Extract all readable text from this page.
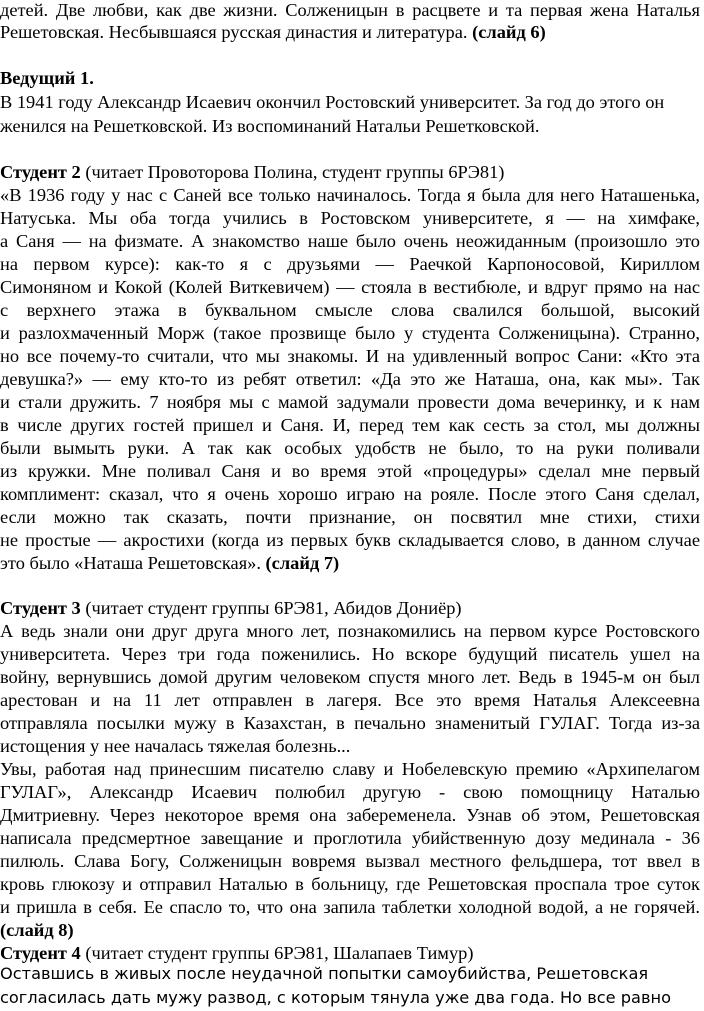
детей. Две любви, как две жизни. Солженицын в расцвете и та первая жена Наталья
Решетовская. Несбывшаяся русская династия и литература. (слайд 6)
Ведущий 1.
В 1941 году Александр Исаевич окончил Ростовский университет. За год до этого он
женился на Решетковской. Из воспоминаний Натальи Решетковской.
Студент 2 (читает Провоторова Полина, студент группы 6РЭ81)
«В 1936 году у нас с Саней все только начиналось. Тогда я была для него Наташенька,
Натуська. Мы оба тогда учились в Ростовском университете, я — на химфаке,
а Саня — на физмате. А знакомство наше было очень неожиданным (произошло это
на первом курсе): как-то я с друзьями — Раечкой Карпоносовой, Кириллом
Симоняном и Кокой (Колей Виткевичем) — стояла в вестибюле, и вдруг прямо на нас
с верхнего этажа в буквальном смысле слова свалился большой, высокий
и разлохмаченный Морж (такое прозвище было у студента Солженицына). Странно,
но все почему-то считали, что мы знакомы. И на удивленный вопрос Сани: «Кто эта
девушка?» — ему кто-то из ребят ответил: «Да это же Наташа, она, как мы». Так
и стали дружить. 7 ноября мы с мамой задумали провести дома вечеринку, и к нам
в числе других гостей пришел и Саня. И, перед тем как сесть за стол, мы должны
были вымыть руки. А так как особых удобств не было, то на руки поливали
из кружки. Мне поливал Саня и во время этой «процедуры» сделал мне первый
комплимент: сказал, что я очень хорошо играю на рояле. После этого Саня сделал,
если можно так сказать, почти признание, он посвятил мне стихи, стихи
не простые — акростихи (когда из первых букв складывается слово, в данном случае
это было «Наташа Решетовская». (слайд 7)
Студент 3 (читает студент группы 6РЭ81, Абидов Дониёр)
А ведь знали они друг друга много лет, познакомились на первом курсе Ростовского
университета. Через три года поженились. Но вскоре будущий писатель ушел на
войну, вернувшись домой другим человеком спустя много лет. Ведь в 1945-м он был
арестован и на 11 лет отправлен в лагеря. Все это время Наталья Алексеевна
отправляла посылки мужу в Казахстан, в печально знаменитый ГУЛАГ. Тогда из-за
истощения у нее началась тяжелая болезнь...
Увы, работая над принесшим писателю славу и Нобелевскую премию «Архипелагом
ГУЛАГ», Александр Исаевич полюбил другую - свою помощницу Наталью
Дмитриевну. Через некоторое время она забеременела. Узнав об этом, Решетовская
написала предсмертное завещание и проглотила убийственную дозу мединала - 36
пилюль. Слава Богу, Солженицын вовремя вызвал местного фельдшера, тот ввел в
кровь глюкозу и отправил Наталью в больницу, где Решетовская проспала трое суток
и пришла в себя. Ее спасло то, что она запила таблетки холодной водой, а не горячей.
(слайд 8)
Студент 4 (читает студент группы 6РЭ81, Шалапаев Тимур)
Оставшись в живых после неудачной попытки самоубийства, Решетовская
согласилась дать мужу развод, с которым тянула уже два года. Но все равно
